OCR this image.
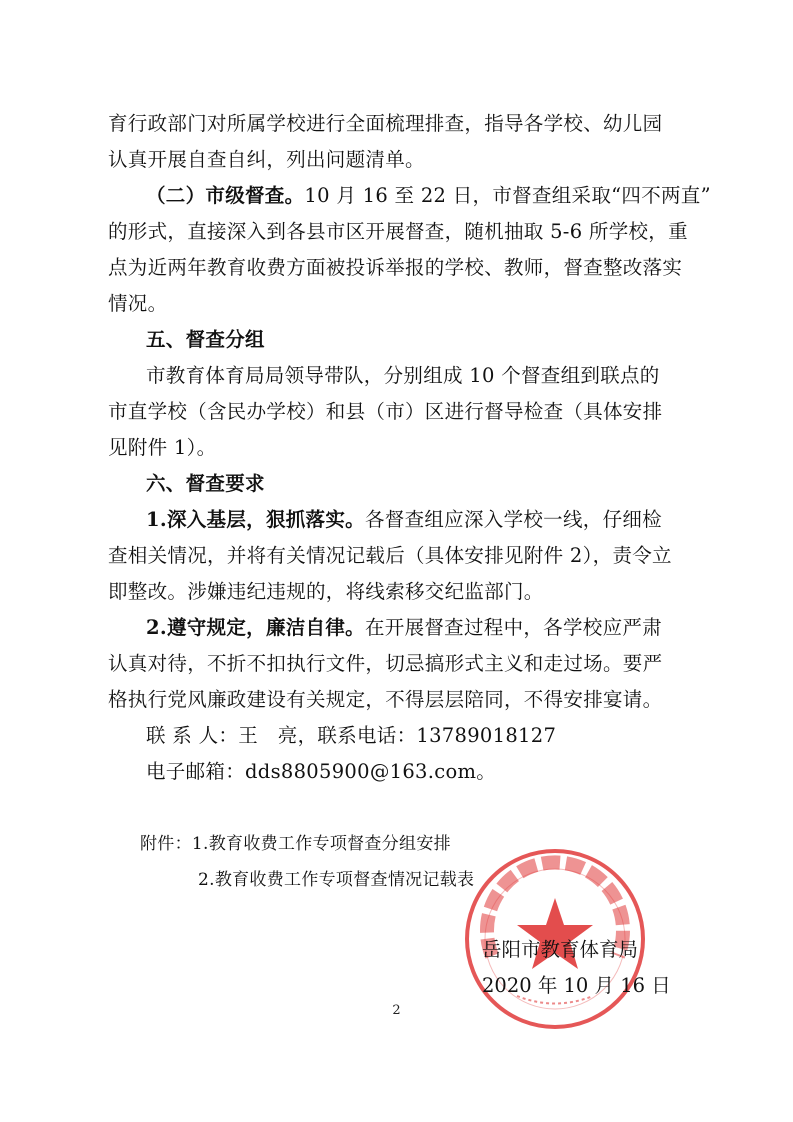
育行政部门对所属学校进行全面梳理排查，指导各学校、幼儿园
认真开展自查自纠，列出问题清单。
（二）市级督查。10 月 16 至 22 日，市督查组采取“四不两直”
的形式，直接深入到各县市区开展督查，随机抽取 5-6 所学校，重
点为近两年教育收费方面被投诉举报的学校、教师，督查整改落实
情况。
五、督查分组
市教育体育局局领导带队，分别组成 10 个督查组到联点的
市直学校（含民办学校）和县（市）区进行督导检查（具体安排
见附件 1）。
六、督查要求
1.深入基层，狠抓落实。各督查组应深入学校一线，仔细检
查相关情况，并将有关情况记载后（具体安排见附件 2），责令立
即整改。涉嫌违纪违规的，将线索移交纪监部门。
2.遵守规定，廉洁自律。在开展督查过程中，各学校应严肃
认真对待，不折不扣执行文件，切忌搞形式主义和走过场。要严
格执行党风廉政建设有关规定，不得层层陪同，不得安排宴请。
联 系 人：王　亮，联系电话：13789018127
电子邮箱：dds8805900@163.com。
附件：1.教育收费工作专项督查分组安排
2.教育收费工作专项督查情况记载表
岳阳市教育体育局
2020 年 10 月 16 日
2
